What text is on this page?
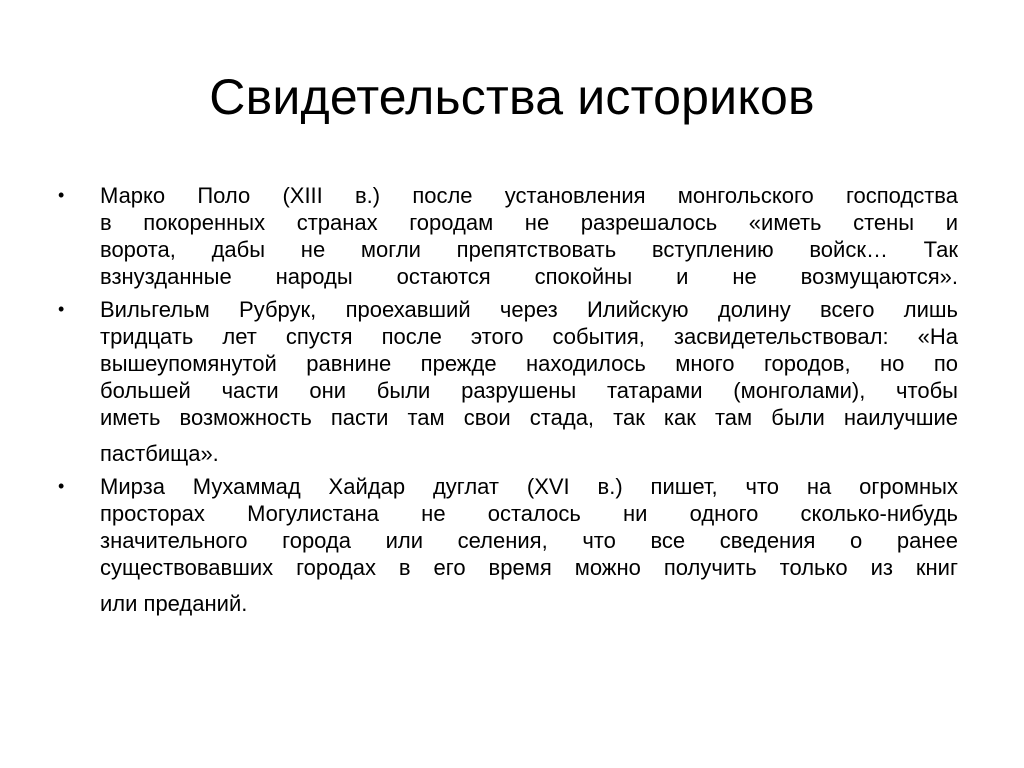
Свидетельства историков
•	Марко Поло (XIII в.) после установления монгольского господства
в покоренных странах городам не разрешалось «иметь стены и
ворота, дабы не могли препятствовать вступлению войск… Так
взнузданные народы остаются спокойны и не возмущаются».
•	Вильгельм Рубрук, проехавший через Илийскую долину всего лишь
тридцать лет спустя после этого события, засвидетельствовал: «На
вышеупомянутой равнине прежде находилось много городов, но по
большей части они были разрушены татарами (монголами), чтобы
иметь возможность пасти там свои стада, так как там были наилучшие
пастбища».
•	Мирза Мухаммад Хайдар дуглат (XVI в.) пишет, что на огромных
просторах Могулистана не осталось ни одного сколько-нибудь
значительного города или селения, что все сведения о ранее
существовавших городах в его время можно получить только из книг
или преданий.
